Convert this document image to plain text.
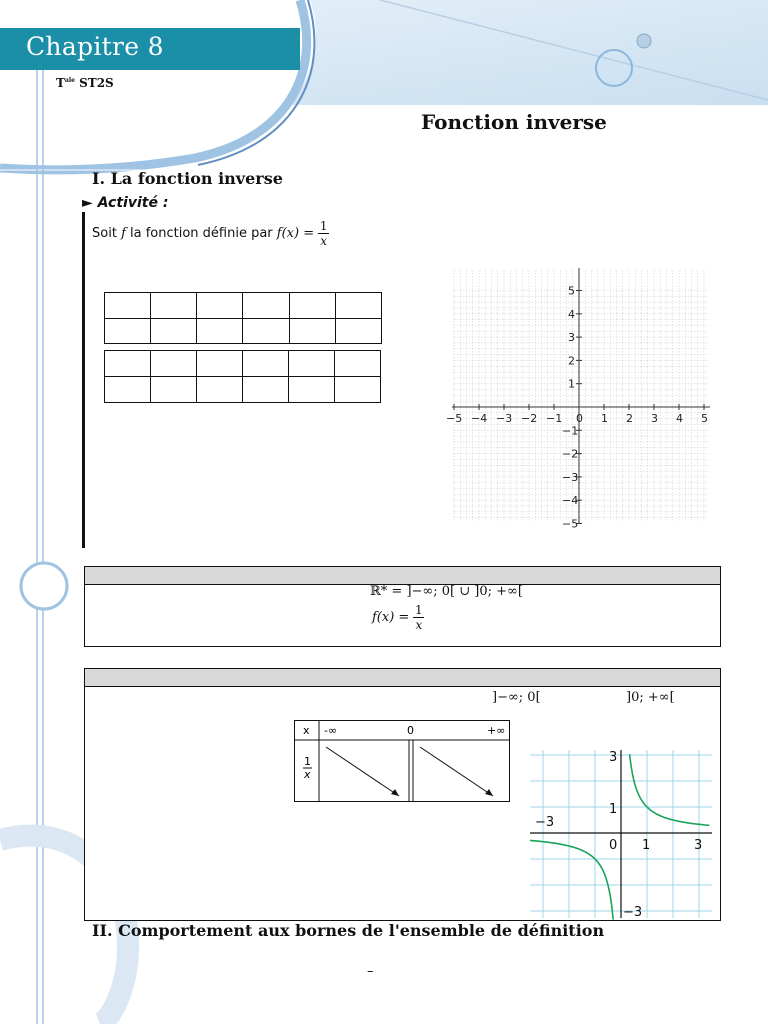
Chapitre 8
$T^{ale}$ ST2S
Fonction inverse
I. La fonction inverse
► Activité :
Soit f la fonction définie par $f(x) = \frac{1}{x}$

−5 −4 −3 −2 −1 0 1 2 3 4 5
5
4
3
2
1
−1
−2
−3
−4
−5
ℝ* = ]−∞; 0[ ∪ ]0; +∞[
$f(x) = \frac{1}{x}$
]−∞; 0[	]0; +∞[
x -∞	0	+∞
1
x
3
1
−3
−3
0 1	3
II. Comportement aux bornes de l'ensemble de définition
–
